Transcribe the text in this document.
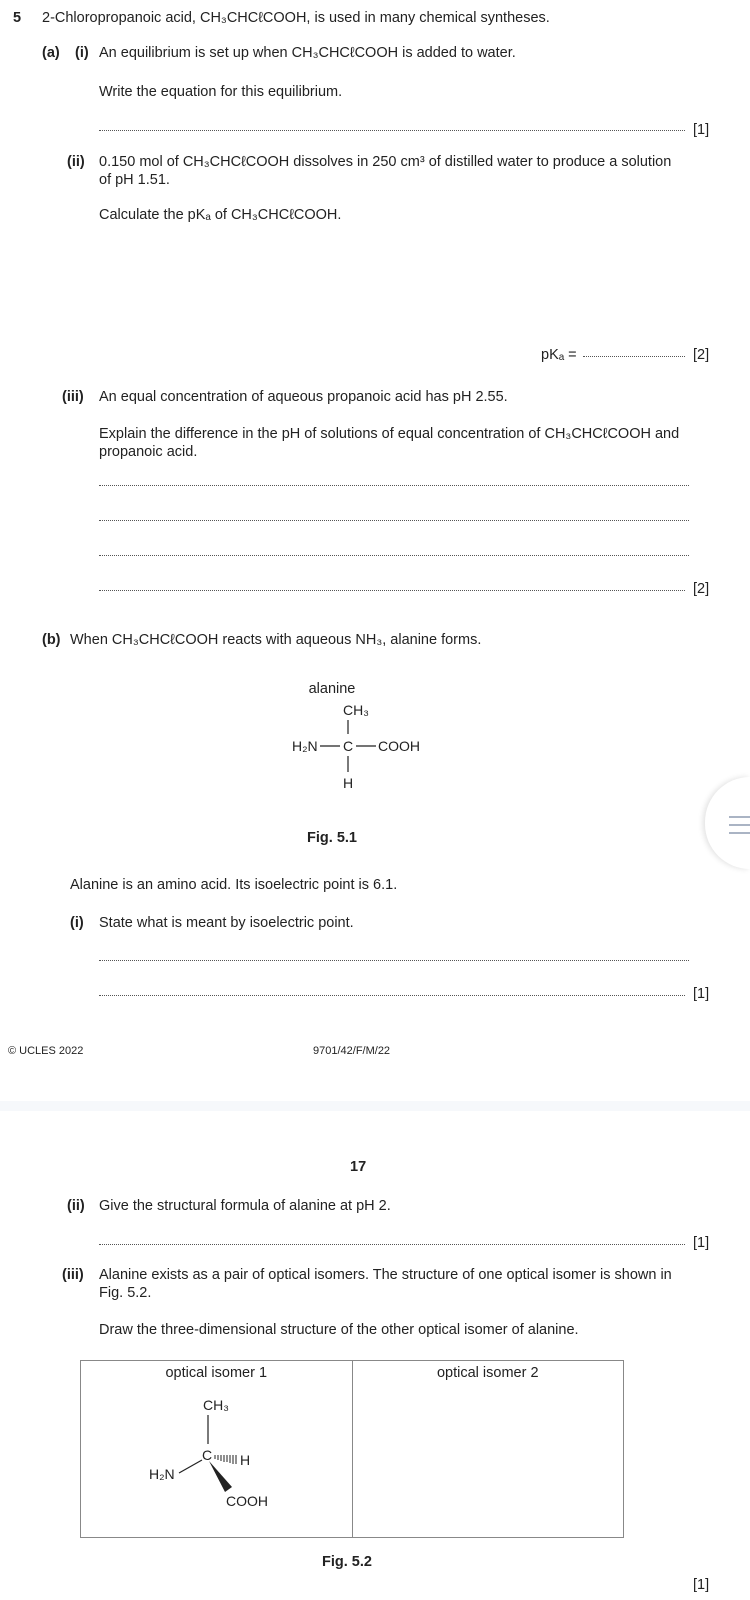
5 2-Chloropropanoic acid, CH₃CHCℓCOOH, is used in many chemical syntheses.
(a) (i) An equilibrium is set up when CH₃CHCℓCOOH is added to water.
Write the equation for this equilibrium.
[1]
(ii) 0.150 mol of CH₃CHCℓCOOH dissolves in 250 cm³ of distilled water to produce a solution
of pH 1.51.
Calculate the pKₐ of CH₃CHCℓCOOH.
pKₐ =	[2]
(iii) An equal concentration of aqueous propanoic acid has pH 2.55.
Explain the difference in the pH of solutions of equal concentration of CH₃CHCℓCOOH and
propanoic acid.
[2]
(b) When CH₃CHCℓCOOH reacts with aqueous NH₃, alanine forms.
alanine
CH₃
H₂N C COOH
H
Fig. 5.1
Alanine is an amino acid. Its isoelectric point is 6.1.
(i) State what is meant by isoelectric point.
[1]
© UCLES 2022	9701/42/F/M/22
17
(ii) Give the structural formula of alanine at pH 2.
[1]
(iii) Alanine exists as a pair of optical isomers. The structure of one optical isomer is shown in
Fig. 5.2.
Draw the three-dimensional structure of the other optical isomer of alanine.
optical isomer 1
CH₃
C H
H₂N
COOH

optical isomer 2
Fig. 5.2
[1]
